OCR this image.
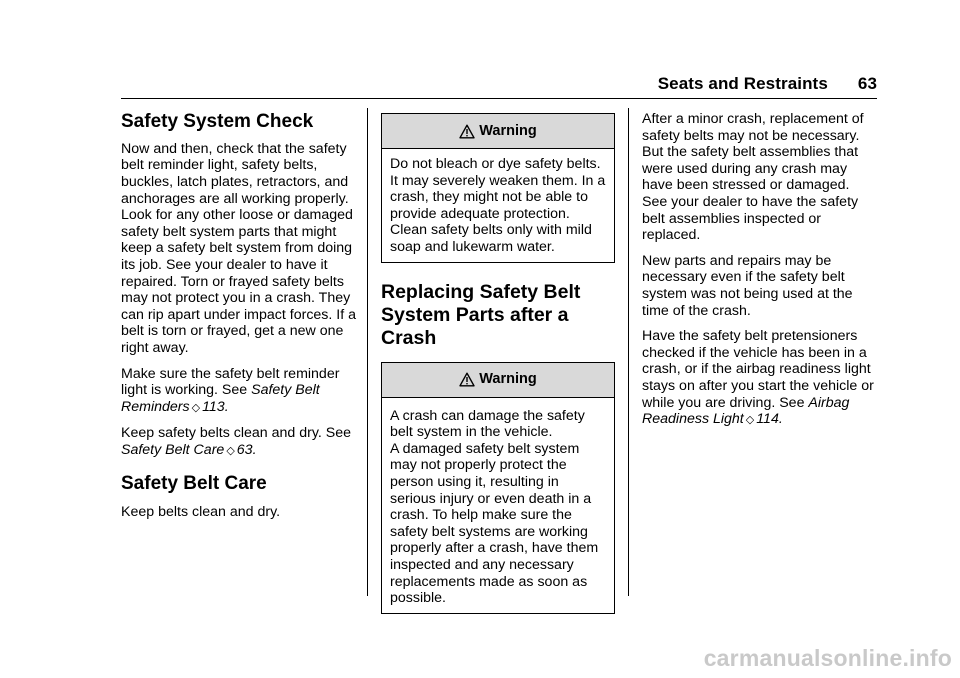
Seats and Restraints 63
Safety System Check

Now and then, check that the safety belt reminder light, safety belts, buckles, latch plates, retractors, and anchorages are all working properly. Look for any other loose or damaged safety belt system parts that might keep a safety belt system from doing its job. See your dealer to have it repaired. Torn or frayed safety belts may not protect you in a crash. They can rip apart under impact forces. If a belt is torn or frayed, get a new one right away.

Make sure the safety belt reminder light is working. See Safety Belt Reminders ◇ 113.

Keep safety belts clean and dry. See Safety Belt Care ◇ 63.

Safety Belt Care

Keep belts clean and dry.

Warning

Do not bleach or dye safety belts. It may severely weaken them. In a crash, they might not be able to provide adequate protection. Clean safety belts only with mild soap and lukewarm water.

Replacing Safety Belt System Parts after a Crash
Warning

A crash can damage the safety belt system in the vehicle.

A damaged safety belt system may not properly protect the person using it, resulting in serious injury or even death in a crash. To help make sure the safety belt systems are working properly after a crash, have them inspected and any necessary replacements made as soon as possible.

After a minor crash, replacement of safety belts may not be necessary. But the safety belt assemblies that were used during any crash may have been stressed or damaged. See your dealer to have the safety belt assemblies inspected or replaced.

New parts and repairs may be necessary even if the safety belt system was not being used at the time of the crash.

Have the safety belt pretensioners checked if the vehicle has been in a crash, or if the airbag readiness light stays on after you start the vehicle or while you are driving. See Airbag Readiness Light ◇ 114.

carmanualsonline.info
